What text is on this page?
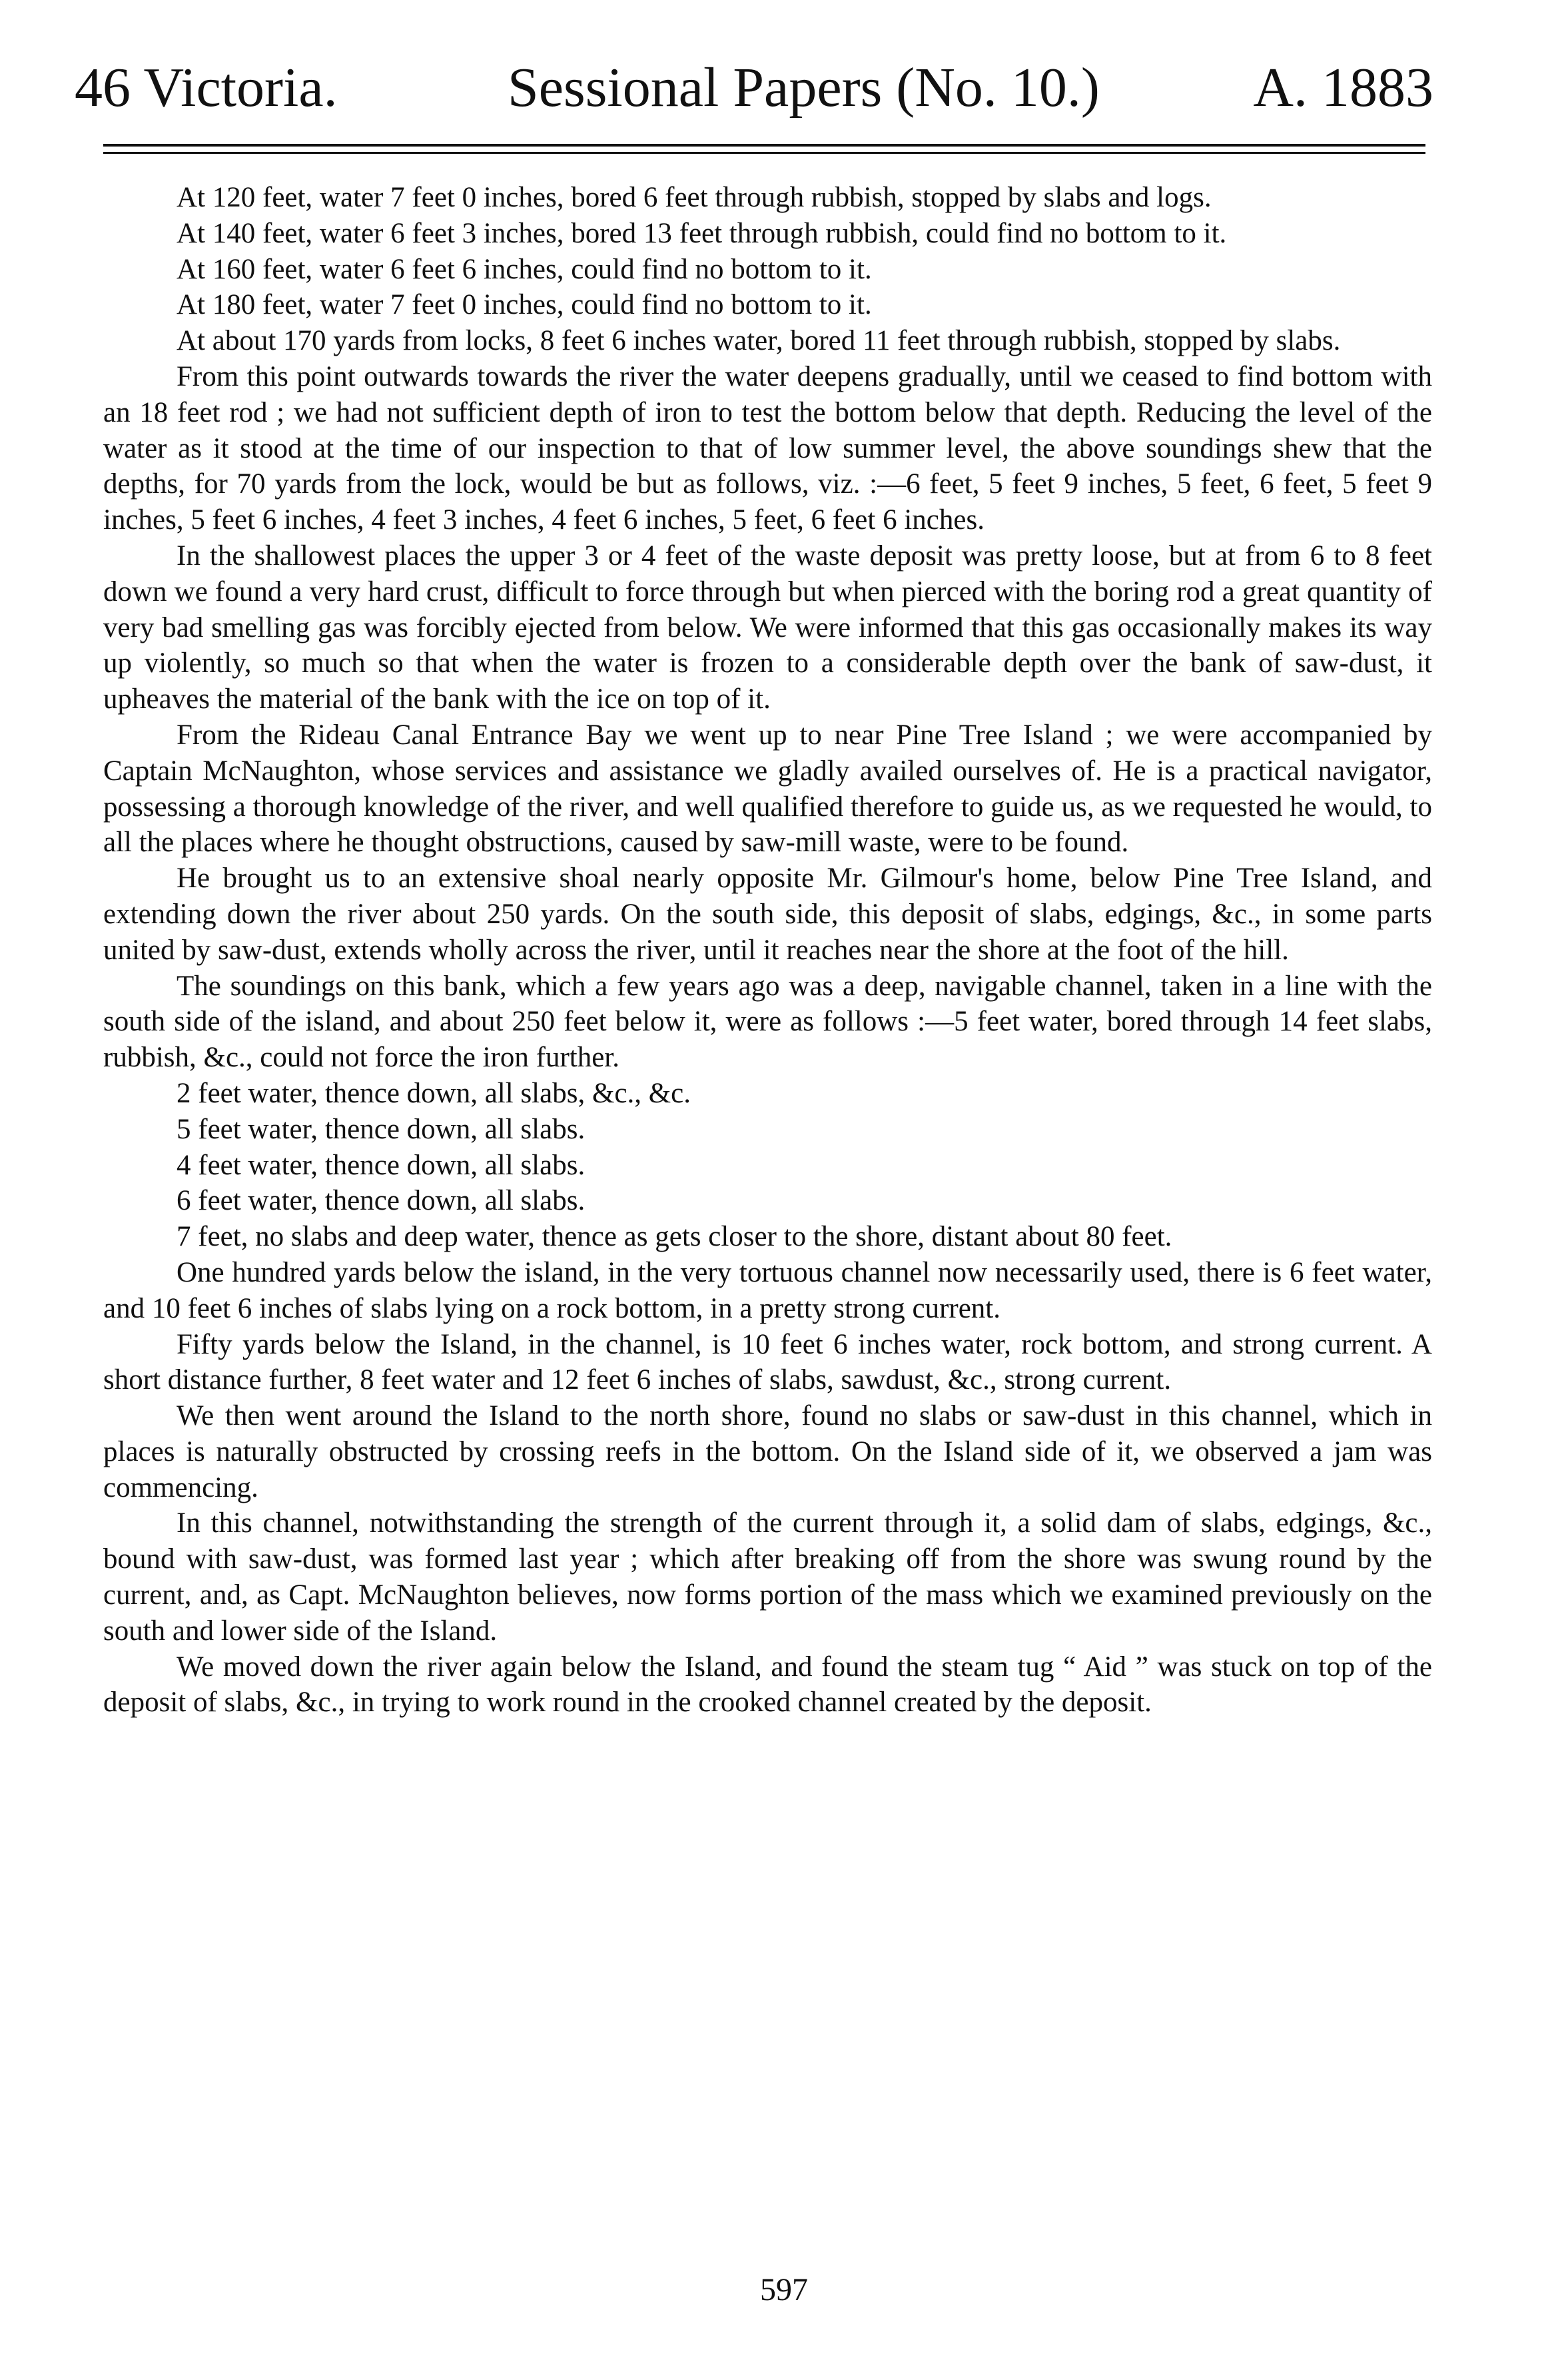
46 Victoria.	Sessional Papers (No. 10.)	A. 1883

At 120 feet, water 7 feet 0 inches, bored 6 feet through rubbish, stopped by slabs and logs.

At 140 feet, water 6 feet 3 inches, bored 13 feet through rubbish, could find no bottom to it.

At 160 feet, water 6 feet 6 inches, could find no bottom to it.

At 180 feet, water 7 feet 0 inches, could find no bottom to it.

At about 170 yards from locks, 8 feet 6 inches water, bored 11 feet through rubbish, stopped by slabs.

From this point outwards towards the river the water deepens gradually, until we ceased to find bottom with an 18 feet rod ; we had not sufficient depth of iron to test the bottom below that depth. Reducing the level of the water as it stood at the time of our inspection to that of low summer level, the above soundings shew that the depths, for 70 yards from the lock, would be but as follows, viz. :—6 feet, 5 feet 9 inches, 5 feet, 6 feet, 5 feet 9 inches, 5 feet 6 inches, 4 feet 3 inches, 4 feet 6 inches, 5 feet, 6 feet 6 inches.

In the shallowest places the upper 3 or 4 feet of the waste deposit was pretty loose, but at from 6 to 8 feet down we found a very hard crust, difficult to force through but when pierced with the boring rod a great quantity of very bad smelling gas was forcibly ejected from below. We were informed that this gas occasionally makes its way up violently, so much so that when the water is frozen to a considerable depth over the bank of saw-dust, it upheaves the material of the bank with the ice on top of it.

From the Rideau Canal Entrance Bay we went up to near Pine Tree Island ; we were accompanied by Captain McNaughton, whose services and assistance we gladly availed ourselves of. He is a practical navigator, possessing a thorough knowledge of the river, and well qualified therefore to guide us, as we requested he would, to all the places where he thought obstructions, caused by saw-mill waste, were to be found.

He brought us to an extensive shoal nearly opposite Mr. Gilmour's home, below Pine Tree Island, and extending down the river about 250 yards. On the south side, this deposit of slabs, edgings, &c., in some parts united by saw-dust, extends wholly across the river, until it reaches near the shore at the foot of the hill.

The soundings on this bank, which a few years ago was a deep, navigable channel, taken in a line with the south side of the island, and about 250 feet below it, were as follows :—5 feet water, bored through 14 feet slabs, rubbish, &c., could not force the iron further.

2 feet water, thence down, all slabs, &c., &c.

5 feet water, thence down, all slabs.

4 feet water, thence down, all slabs.

6 feet water, thence down, all slabs.

7 feet, no slabs and deep water, thence as gets closer to the shore, distant about 80 feet.

One hundred yards below the island, in the very tortuous channel now necessarily used, there is 6 feet water, and 10 feet 6 inches of slabs lying on a rock bottom, in a pretty strong current.

Fifty yards below the Island, in the channel, is 10 feet 6 inches water, rock bottom, and strong current. A short distance further, 8 feet water and 12 feet 6 inches of slabs, sawdust, &c., strong current.

We then went around the Island to the north shore, found no slabs or saw-dust in this channel, which in places is naturally obstructed by crossing reefs in the bottom. On the Island side of it, we observed a jam was commencing.

In this channel, notwithstanding the strength of the current through it, a solid dam of slabs, edgings, &c., bound with saw-dust, was formed last year ; which after breaking off from the shore was swung round by the current, and, as Capt. McNaughton believes, now forms portion of the mass which we examined previously on the south and lower side of the Island.

We moved down the river again below the Island, and found the steam tug “ Aid ” was stuck on top of the deposit of slabs, &c., in trying to work round in the crooked channel created by the deposit.

597
